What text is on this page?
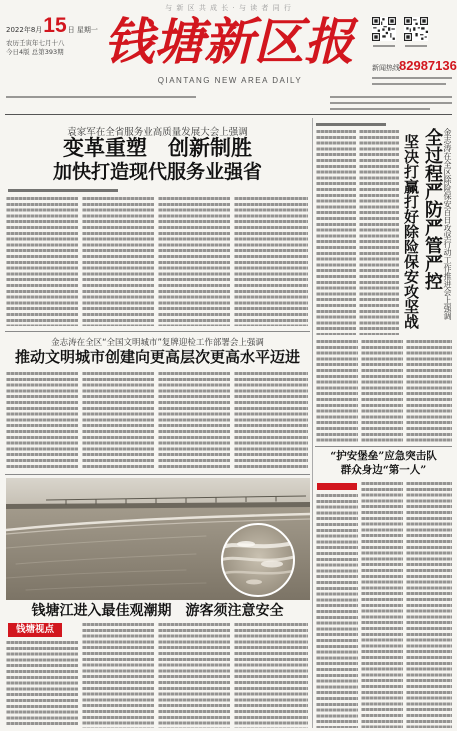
与 新 区 共 成 长 · 与 读 者 同 行
2022年8月 15 日 星期一
农历壬寅年七月十八
今日4版 总第393期 钱塘新区报
QIANTANG NEW AREA DAILY
新闻热线 82987136
袁家军在全省服务业高质量发展大会上强调
变革重塑　创新制胜
加快打造现代服务业强省
金志涛在全区“全国文明城市”复牌迎检工作部署会上强调
推动文明城市创建向更高层次更高水平迈进
钱塘江进入最佳观潮期　游客须注意安全
钱塘视点
坚决打赢打好除险保安攻坚战 全过程严防严管严控 金志涛在全区除险保安百日攻坚行动工作推进会上强调
“护安堡垒”应急突击队
群众身边“第一人”
